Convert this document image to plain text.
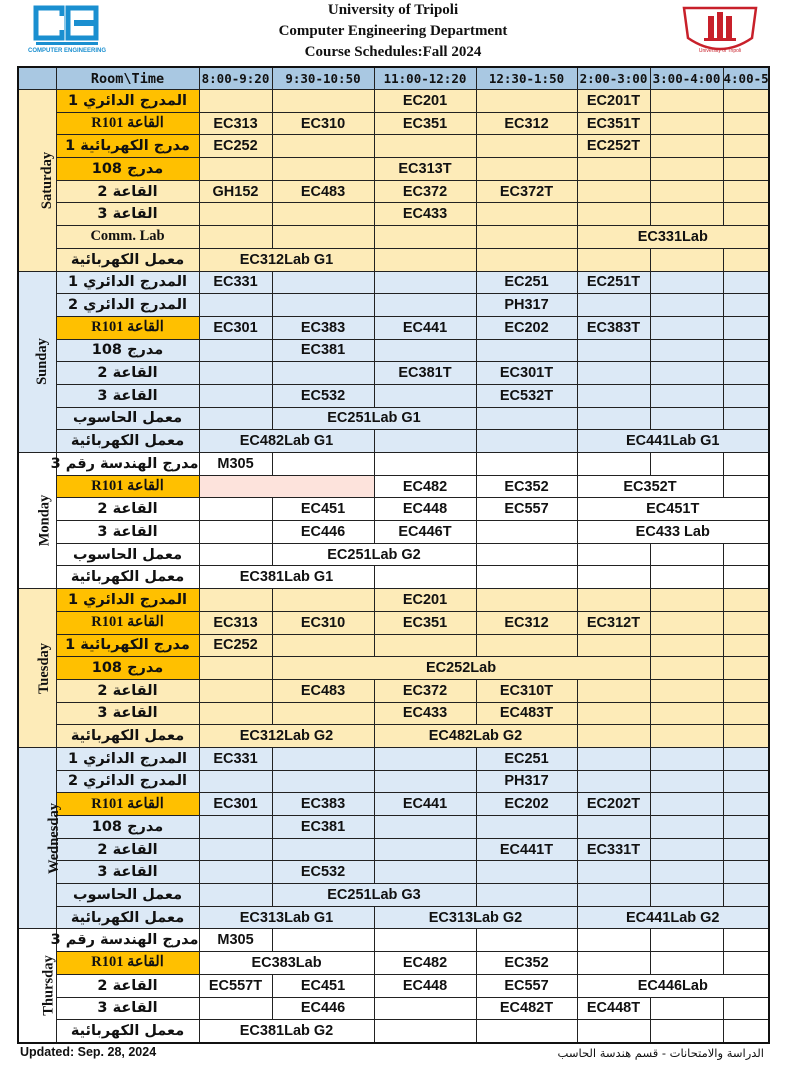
COMPUTER ENGINEERING
University of Tripoli
Computer Engineering Department
Course Schedules:Fall 2024	University of Tripoli
	Room\Time	8:00-9:20	9:30-10:50	11:00-12:20	12:30-1:50	2:00-3:00	3:00-4:00	4:00-5
Saturday	المدرج الدائري 1			EC201		EC201T		
	R101 القاعة	EC313	EC310	EC351	EC312	EC351T		
	مدرج الكهربائية 1	EC252				EC252T		
	مدرج 108			EC313T				
	القاعة 2	GH152	EC483	EC372	EC372T			
	القاعة 3			EC433				
	Comm. Lab					EC331Lab		
	معمل الكهربائية	EC312Lab G1						
Sunday	المدرج الدائري 1	EC331			EC251	EC251T		
	المدرج الدائري 2				PH317			
	R101 القاعة	EC301	EC383	EC441	EC202	EC383T		
	مدرج 108		EC381					
	القاعة 2			EC381T	EC301T			
	القاعة 3		EC532		EC532T			
	معمل الحاسوب		EC251Lab G1					
	معمل الكهربائية	EC482Lab G1				EC441Lab G1		
Monday	مدرج الهندسة رقم 3	M305						
	R101 القاعة			EC482	EC352	EC352T		
	القاعة 2		EC451	EC448	EC557	EC451T		
	القاعة 3		EC446	EC446T		EC433 Lab		
	معمل الحاسوب		EC251Lab G2					
	معمل الكهربائية	EC381Lab G1						
Tuesday	المدرج الدائري 1			EC201				
	R101 القاعة	EC313	EC310	EC351	EC312	EC312T		
	مدرج الكهربائية 1	EC252						
	مدرج 108		EC252Lab					
	القاعة 2		EC483	EC372	EC310T			
	القاعة 3			EC433	EC483T			
	معمل الكهربائية	EC312Lab G2		EC482Lab G2				
Wednesday	المدرج الدائري 1	EC331			EC251			
	المدرج الدائري 2				PH317			
	R101 القاعة	EC301	EC383	EC441	EC202	EC202T		
	مدرج 108		EC381					
	القاعة 2				EC441T	EC331T		
	القاعة 3		EC532					
	معمل الحاسوب		EC251Lab G3					
	معمل الكهربائية	EC313Lab G1		EC313Lab G2		EC441Lab G2		
Thursday	مدرج الهندسة رقم 3	M305						
	R101 القاعة	EC383Lab		EC482	EC352			
	القاعة 2	EC557T	EC451	EC448	EC557	EC446Lab		
	القاعة 3		EC446		EC482T	EC448T		
	معمل الكهربائية	EC381Lab G2						
Updated: Sep. 28, 2024	الدراسة والامتحانات - قسم هندسة الحاسب
